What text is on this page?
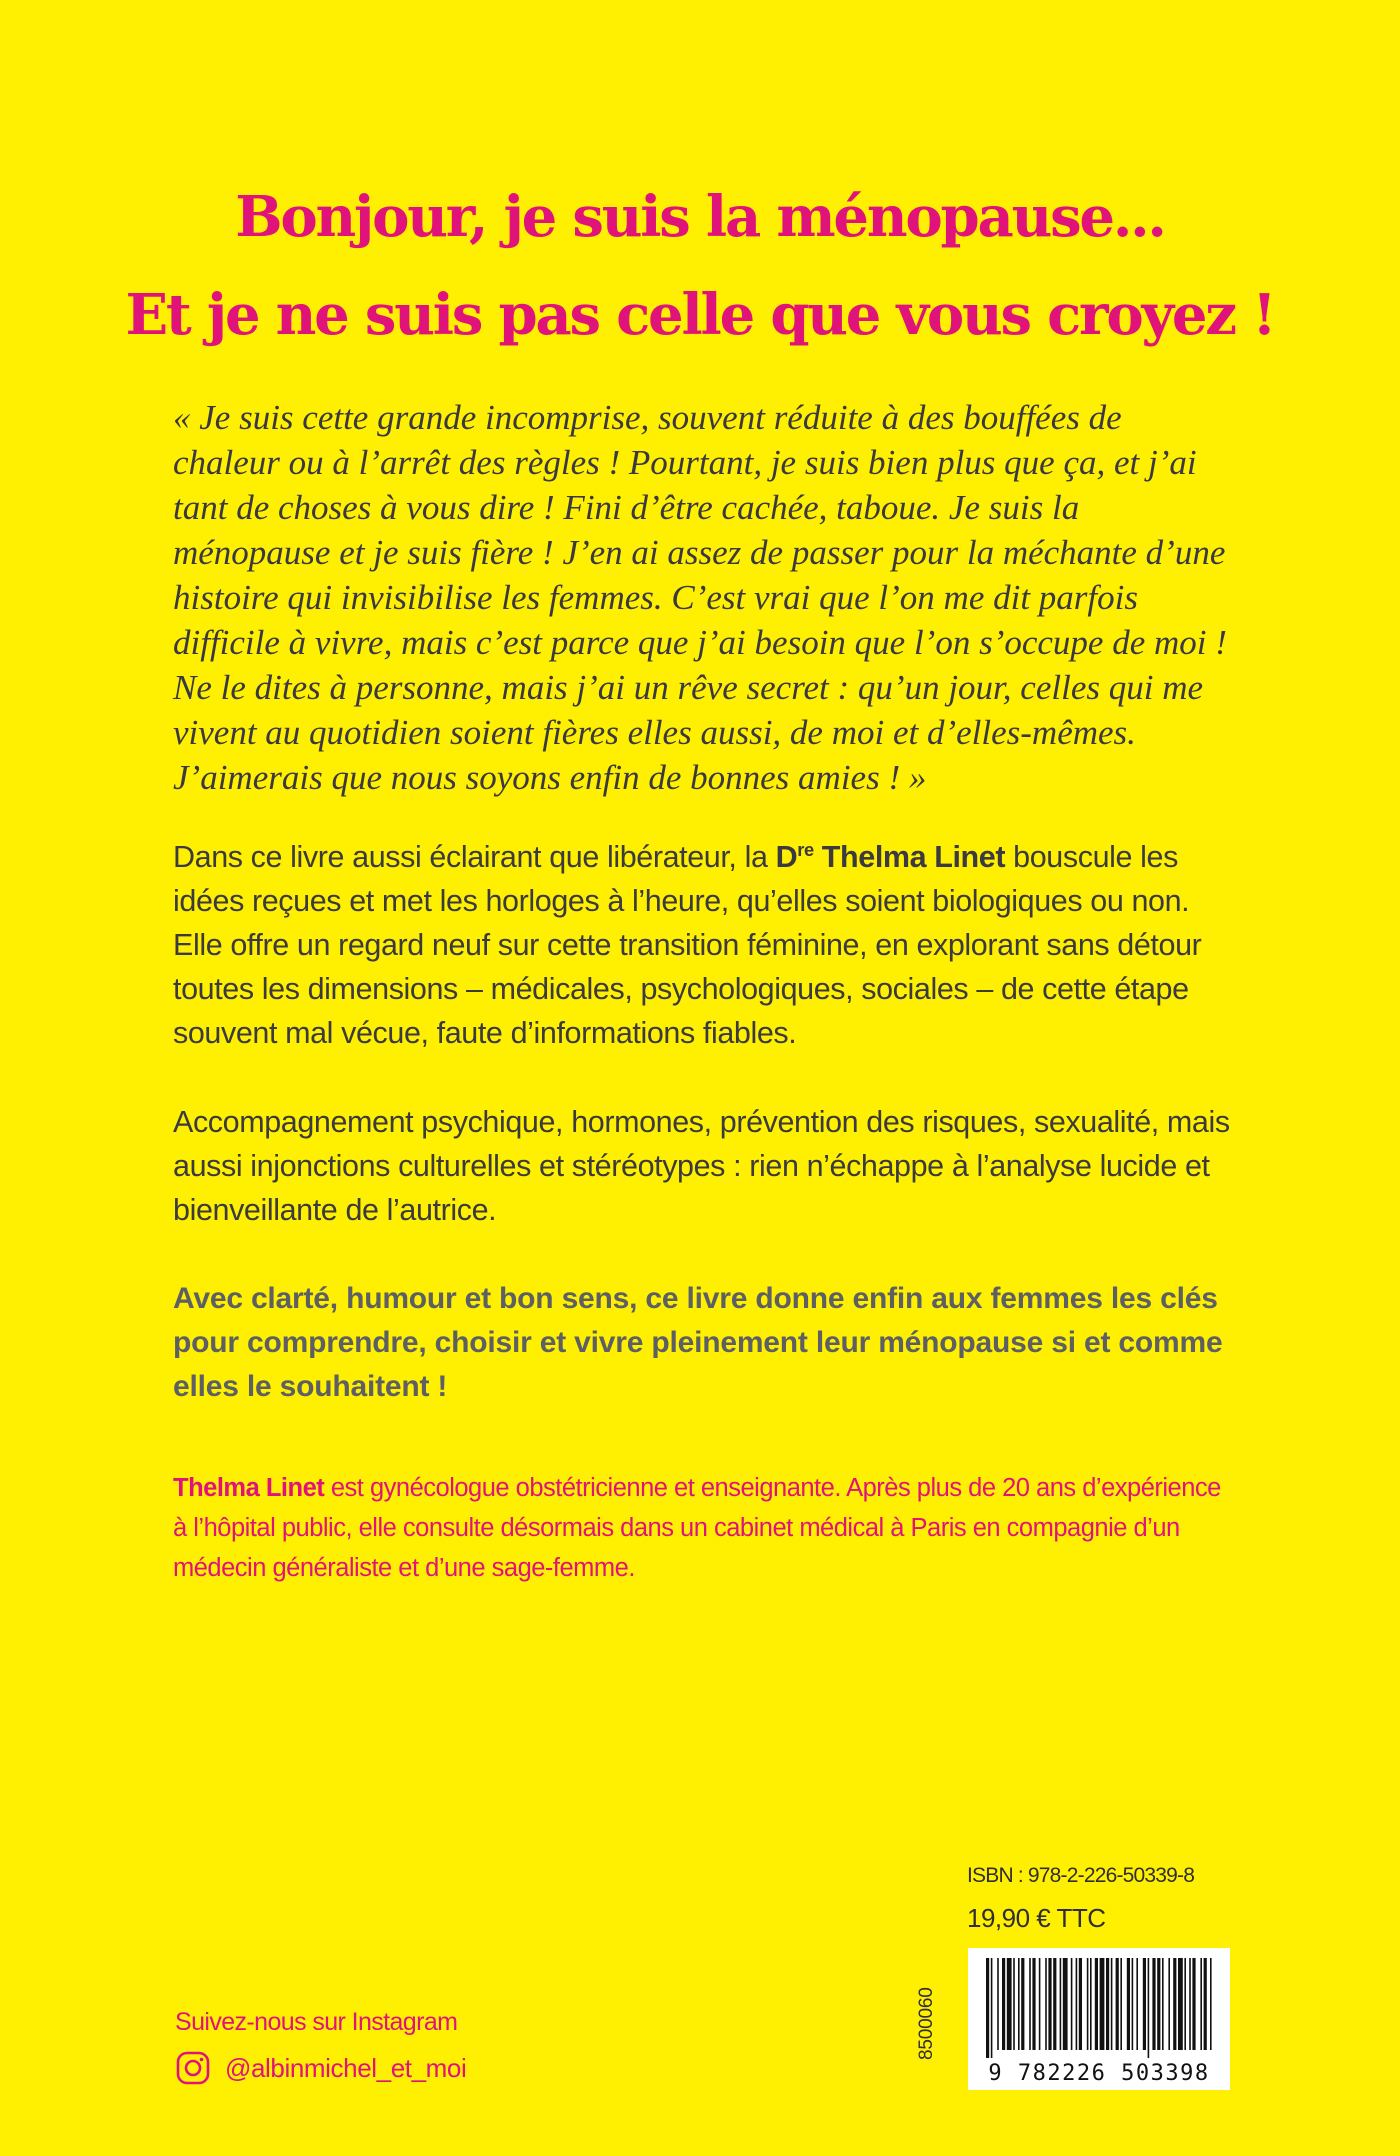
Bonjour, je suis la ménopause...
Et je ne suis pas celle que vous croyez !

« Je suis cette grande incomprise, souvent réduite à des bouffées de chaleur ou à l’arrêt des règles ! Pourtant, je suis bien plus que ça, et j’ai tant de choses à vous dire ! Fini d’être cachée, taboue. Je suis la ménopause et je suis fière ! J’en ai assez de passer pour la méchante d’une histoire qui invisibilise les femmes. C’est vrai que l’on me dit parfois difficile à vivre, mais c’est parce que j’ai besoin que l’on s’occupe de moi ! Ne le dites à personne, mais j’ai un rêve secret : qu’un jour, celles qui me vivent au quotidien soient fières elles aussi, de moi et d’elles-mêmes. J’aimerais que nous soyons enfin de bonnes amies ! »

Dans ce livre aussi éclairant que libérateur, la Dre Thelma Linet bouscule les idées reçues et met les horloges à l’heure, qu’elles soient biologiques ou non. Elle offre un regard neuf sur cette transition féminine, en explorant sans détour toutes les dimensions – médicales, psychologiques, sociales – de cette étape souvent mal vécue, faute d’informations fiables.

Accompagnement psychique, hormones, prévention des risques, sexualité, mais aussi injonctions culturelles et stéréotypes : rien n’échappe à l’analyse lucide et bienveillante de l’autrice.

Avec clarté, humour et bon sens, ce livre donne enfin aux femmes les clés pour comprendre, choisir et vivre pleinement leur ménopause si et comme elles le souhaitent !

Thelma Linet est gynécologue obstétricienne et enseignante. Après plus de 20 ans d’expérience à l’hôpital public, elle consulte désormais dans un cabinet médical à Paris en compagnie d’un médecin généraliste et d’une sage-femme.

ISBN : 978-2-226-50339-8
19,90 € TTC
9 782226 503398
8500060
Suivez-nous sur Instagram
@albinmichel_et_moi
